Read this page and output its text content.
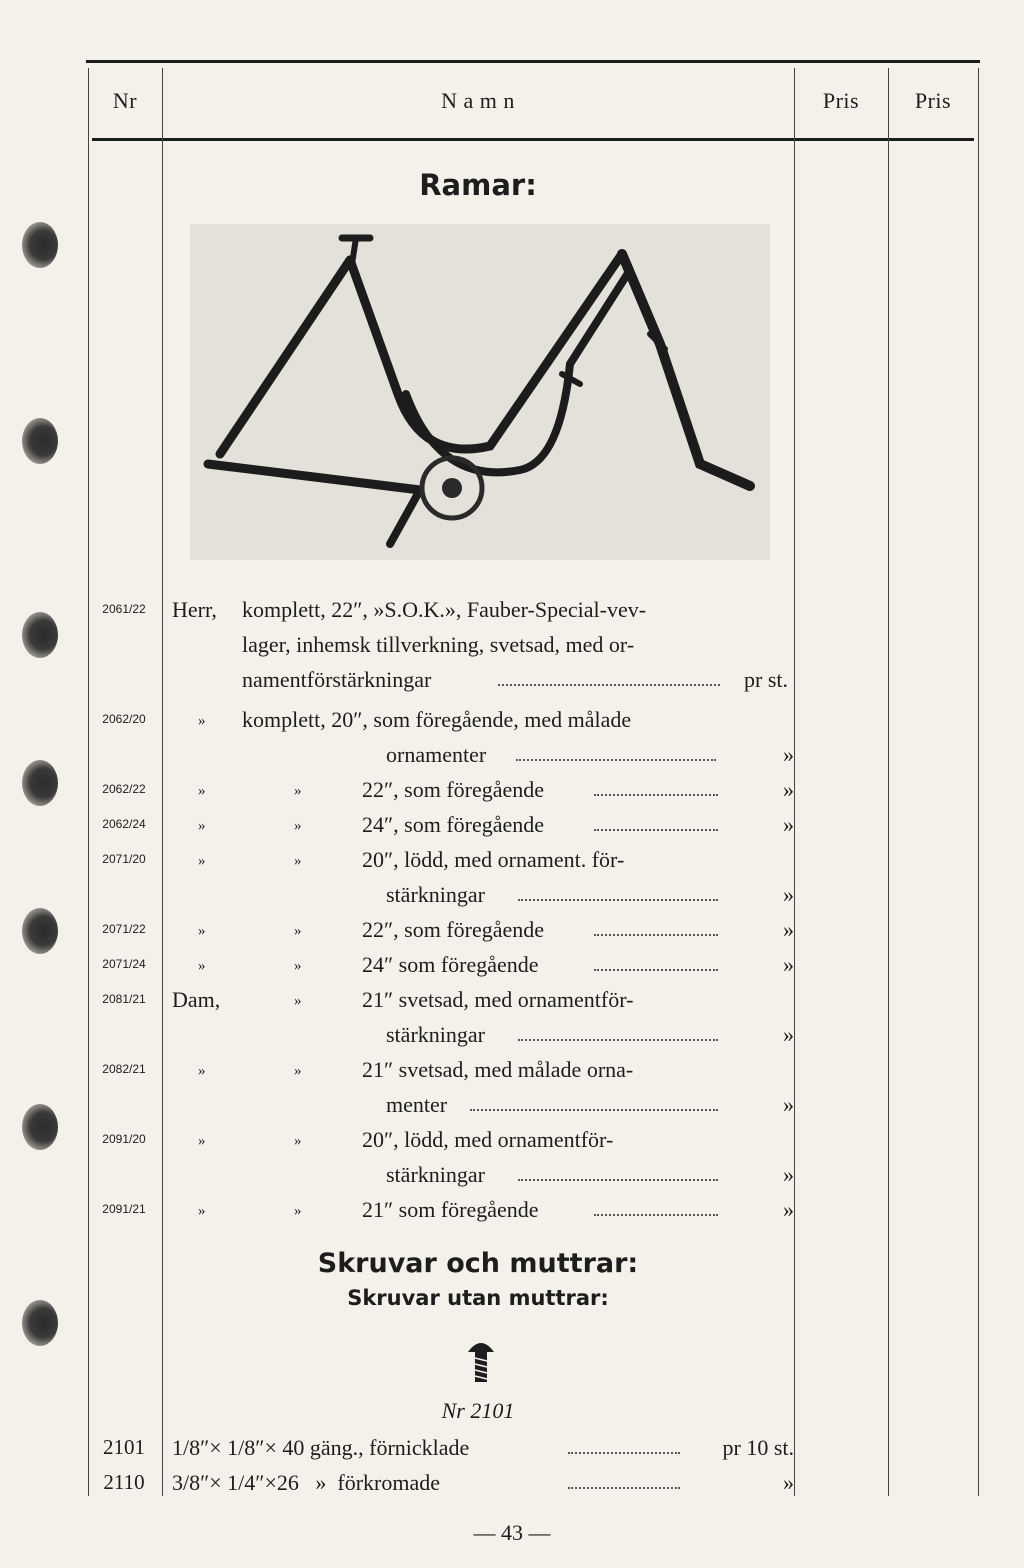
Nr	N a m n	Pris	Pris
Ramar:
2061/22	Herr, komplett, 22″, »S.O.K.», Fauber-Special-vev-
lager, inhemsk tillverkning, svetsad, med or-
namentförstärkningar	pr st.
2062/20	» komplett, 20″, som föregående, med målade
ornamenter	»
2062/22	»	»	22″, som föregående	»
2062/24	»	»	24″, som föregående	»
2071/20	»	»	20″, lödd, med ornament. för-
stärkningar	»
2071/22	»	»	22″, som föregående	»
2071/24	»	»	24″ som föregående	»
2081/21	Dam,	»	21″ svetsad, med ornamentför-
stärkningar	»
2082/21	»	»	21″ svetsad, med målade orna-
menter	»
2091/20	»	»	20″, lödd, med ornamentför-
stärkningar	»
2091/21	»	»	21″ som föregående	»
Skruvar och muttrar:
Skruvar utan muttrar:
Nr 2101
2101	1/8″× 1/8″× 40 gäng., förnicklade	pr 10 st.
2110	3/8″× 1/4″×26   »  förkromade	»
— 43 —
